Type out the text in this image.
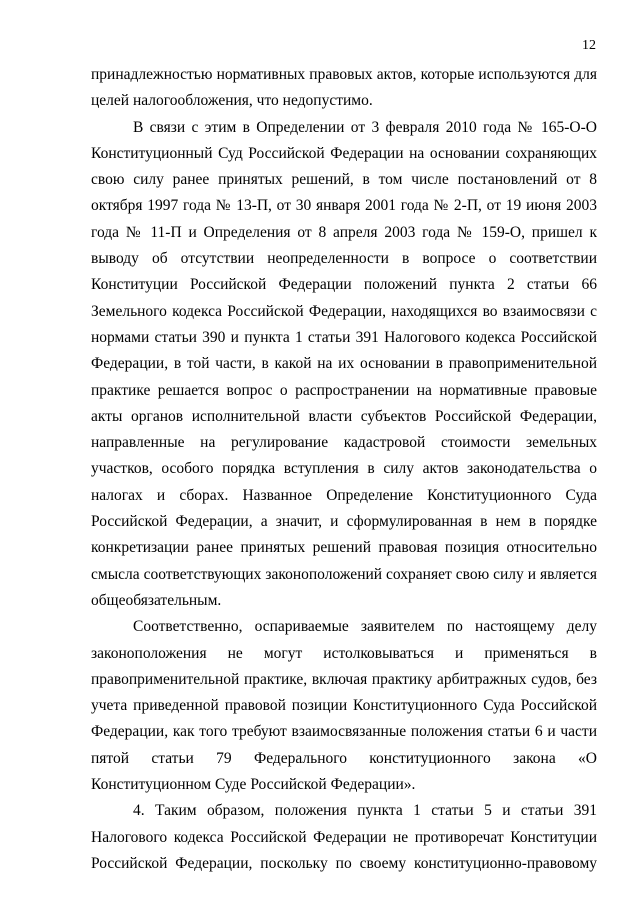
12

принадлежностью нормативных правовых актов, которые используются для целей налогообложения, что недопустимо.

В связи с этим в Определении от 3 февраля 2010 года № 165-О-О Конституционный Суд Российской Федерации на основании сохраняющих свою силу ранее принятых решений, в том числе постановлений от 8 октября 1997 года № 13-П, от 30 января 2001 года № 2-П, от 19 июня 2003 года № 11-П и Определения от 8 апреля 2003 года № 159-О, пришел к выводу об отсутствии неопределенности в вопросе о соответствии Конституции Российской Федерации положений пункта 2 статьи 66 Земельного кодекса Российской Федерации, находящихся во взаимосвязи с нормами статьи 390 и пункта 1 статьи 391 Налогового кодекса Российской Федерации, в той части, в какой на их основании в правоприменительной практике решается вопрос о распространении на нормативные правовые акты органов исполнительной власти субъектов Российской Федерации, направленные на регулирование кадастровой стоимости земельных участков, особого порядка вступления в силу актов законодательства о налогах и сборах. Названное Определение Конституционного Суда Российской Федерации, а значит, и сформулированная в нем в порядке конкретизации ранее принятых решений правовая позиция относительно смысла соответствующих законоположений сохраняет свою силу и является общеобязательным.

Соответственно, оспариваемые заявителем по настоящему делу законоположения не могут истолковываться и применяться в правоприменительной практике, включая практику арбитражных судов, без учета приведенной правовой позиции Конституционного Суда Российской Федерации, как того требуют взаимосвязанные положения статьи 6 и части пятой статьи 79 Федерального конституционного закона «О Конституционном Суде Российской Федерации».

4. Таким образом, положения пункта 1 статьи 5 и статьи 391 Налогового кодекса Российской Федерации не противоречат Конституции Российской Федерации, поскольку по своему конституционно-правовому
